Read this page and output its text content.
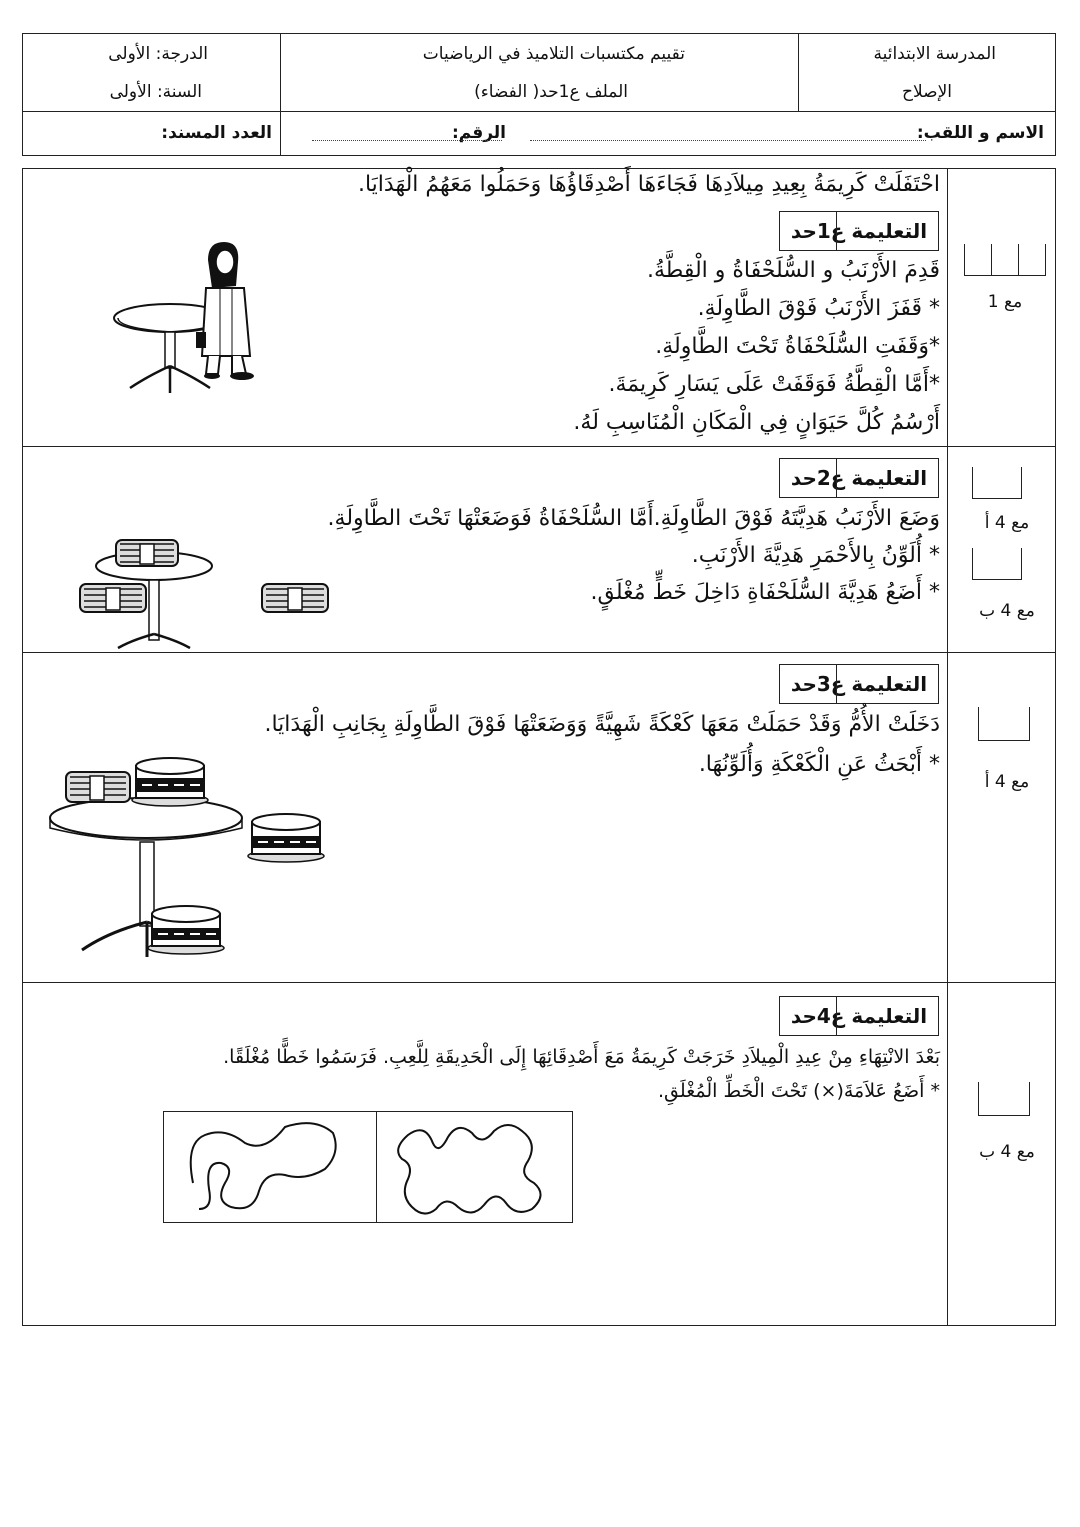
المدرسة الابتدائية
الإصلاح
تقييم مكتسبات التلاميذ في الرياضيات
الملف ع1حد( الفضاء)
الدرجة: الأولى
السنة: الأولى
الاسم و اللقب:
الرقم:
العدد المسند:
احْتَفَلَتْ كَرِيمَةُ بِعِيدِ مِيلاَدِهَا فَجَاءَهَا أَصْدِقَاؤُهَا وَحَمَلُوا مَعَهُمُ الْهَدَايَا.
التعليمة ع1حد
قَدِمَ الأَرْنَبُ و السُّلَحْفَاةُ و الْقِطَّةُ.
* قَفَزَ الأَرْنَبُ فَوْقَ الطَّاوِلَةِ.
*وَقَفَتِ السُّلَحْفَاةُ تَحْتَ الطَّاوِلَةِ.
*أَمَّا الْقِطَّةُ فَوَقَفَتْ عَلَى يَسَارِ كَرِيمَةَ.
أَرْسُمُ كُلَّ حَيَوَانٍ فِي الْمَكَانِ الْمُنَاسِبِ لَهُ.
مع 1
التعليمة ع2حد
وَضَعَ الأَرْنَبُ هَدِيَّتَهُ فَوْقَ الطَّاوِلَةِ.أَمَّا السُّلَحْفَاةُ فَوَضَعَتْهَا تَحْتَ الطَّاوِلَةِ.
* أُلَوِّنُ بِالأَحْمَرِ هَدِيَّةَ الأَرْنَبِ.
* أَضَعُ هَدِيَّةَ السُّلَحْفَاةِ دَاخِلَ خَطٍّ مُغْلَقٍ.
مع 4 أ
مع 4 ب
التعليمة ع3حد
دَخَلَتْ الأُمُّ وَقَدْ حَمَلَتْ مَعَهَا كَعْكَةً شَهِيَّةً وَوَضَعَتْهَا فَوْقَ الطَّاوِلَةِ بِجَانِبِ الْهَدَايَا.
* أَبْحَثُ عَنِ الْكَعْكَةِ وَأُلَوِّنُهَا.
مع 4 أ
التعليمة ع4حد
بَعْدَ الانْتِهَاءِ مِنْ عِيدِ الْمِيلاَدِ خَرَجَتْ كَرِيمَةُ مَعَ أَصْدِقَائِهَا إِلَى الْحَدِيقَةِ لِلَّعِبِ. فَرَسَمُوا خَطًّا مُغْلَقًا.
* أَضَعُ عَلاَمَةَ(×) تَحْتَ الْخَطِّ الْمُغْلَقِ.
مع 4 ب
